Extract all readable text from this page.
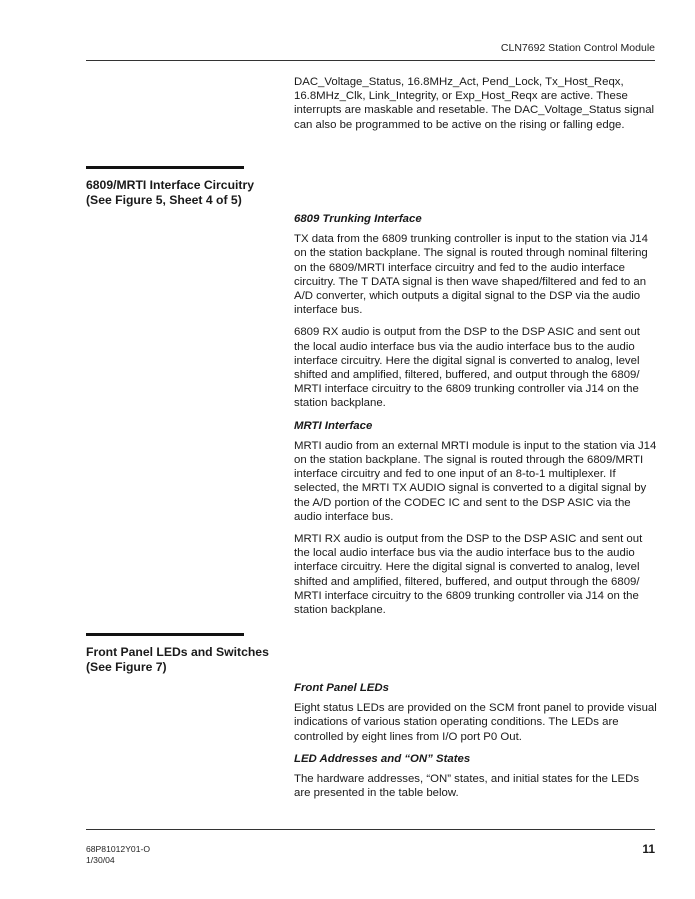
CLN7692 Station Control Module

DAC_Voltage_Status, 16.8MHz_Act, Pend_Lock, Tx_Host_Reqx, 16.8MHz_Clk, Link_Integrity, or Exp_Host_Reqx are active. These interrupts are maskable and resetable. The DAC_Voltage_Status signal can also be programmed to be active on the rising or falling edge.

6809/MRTI Interface Circuitry
(See Figure 5, Sheet 4 of 5)
6809 Trunking Interface

TX data from the 6809 trunking controller is input to the station via J14 on the station backplane. The signal is routed through nominal filtering on the 6809/MRTI interface circuitry and fed to the audio interface circuitry. The T DATA signal is then wave shaped/filtered and fed to an A/D converter, which outputs a digital signal to the DSP via the audio interface bus.

6809 RX audio is output from the DSP to the DSP ASIC and sent out the local audio interface bus via the audio interface bus to the audio interface circuitry. Here the digital signal is converted to analog, level shifted and amplified, filtered, buffered, and output through the 6809/ MRTI interface circuitry to the 6809 trunking controller via J14 on the station backplane.

MRTI Interface

MRTI audio from an external MRTI module is input to the station via J14 on the station backplane. The signal is routed through the 6809/MRTI interface circuitry and fed to one input of an 8-to-1 multiplexer. If selected, the MRTI TX AUDIO signal is converted to a digital signal by the A/D portion of the CODEC IC and sent to the DSP ASIC via the audio interface bus.

MRTI RX audio is output from the DSP to the DSP ASIC and sent out the local audio interface bus via the audio interface bus to the audio interface circuitry. Here the digital signal is converted to analog, level shifted and amplified, filtered, buffered, and output through the 6809/ MRTI interface circuitry to the 6809 trunking controller via J14 on the station backplane.

Front Panel LEDs and Switches
(See Figure 7)
Front Panel LEDs

Eight status LEDs are provided on the SCM front panel to provide visual indications of various station operating conditions. The LEDs are controlled by eight lines from I/O port P0 Out.

LED Addresses and “ON” States

The hardware addresses, “ON” states, and initial states for the LEDs are presented in the table below.

68P81012Y01-O
1/30/04
11
